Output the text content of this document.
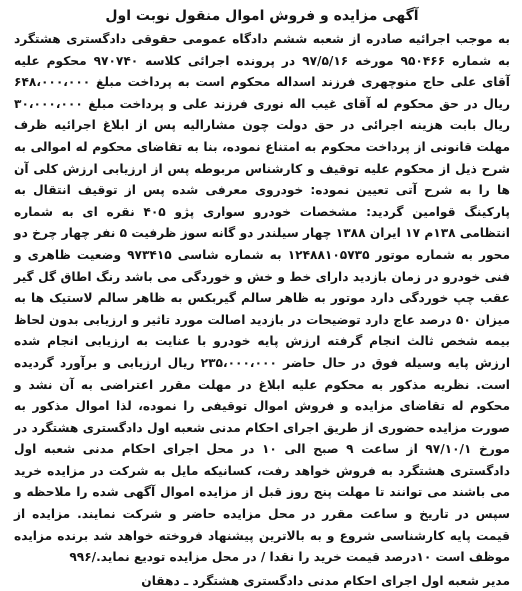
آگهی مزایده و فروش اموال منقول نوبت اول

به موجب اجرائیه صادره از شعبه ششم دادگاه عمومی حقوقی دادگستری هشتگرد به شماره ۹۵۰۴۶۶ مورخه ۹۷/۵/۱۶ در پرونده اجرائی کلاسه ۹۷۰۷۴۰ محکوم علیه آقای علی حاج منوچهری فرزند اسداله محکوم است به پرداخت مبلغ ۶۴۸،۰۰۰،۰۰۰ ریال در حق محکوم له آقای غیب اله نوری فرزند علی و پرداخت مبلغ ۳۰،۰۰۰،۰۰۰ ریال بابت هزینه اجرائی در حق دولت چون مشارالیه پس از ابلاغ اجرائیه ظرف مهلت قانونی از پرداخت محکوم به امتناع نموده، بنا به تقاضای محکوم له اموالی به شرح ذیل از محکوم علیه توقیف و کارشناس مربوطه پس از ارزیابی ارزش کلی آن ها را به شرح آتی تعیین نموده: خودروی معرفی شده پس از توقیف انتقال به پارکینگ قوامین گردید: مشخصات خودرو سواری پژو ۴۰۵ نقره ای به شماره انتظامی ۱۳۸م ۱۷ ایران ۱۳۸۸ چهار سیلندر دو گانه سوز ظرفیت ۵ نفر چهار چرخ دو محور به شماره موتور ۱۲۴۸۸۱۰۵۷۳۵ به شماره شاسی ۹۷۳۴۱۵ وضعیت ظاهری و فنی خودرو در زمان بازدید دارای خط و خش و خوردگی می باشد رنگ اطاق گل گیر عقب چپ خوردگی دارد موتور به ظاهر سالم گیربکس به ظاهر سالم لاستیک ها به میزان ۵۰ درصد عاج دارد توضیحات در بازدید اصالت مورد تاثیر و ارزیابی بدون لحاظ بیمه شخص ثالث انجام گرفته ارزش پایه خودرو با عنایت به ارزیابی انجام شده ارزش پایه وسیله فوق در حال حاضر ۲۳۵،۰۰۰،۰۰۰ ریال ارزیابی و برآورد گردیده است. نظریه مذکور به محکوم علیه ابلاغ در مهلت مقرر اعتراضی به آن نشد و محکوم له تقاضای مزایده و فروش اموال توقیفی را نموده، لذا اموال مذکور به صورت مزایده حضوری از طریق اجرای احکام مدنی شعبه اول دادگستری هشتگرد در مورخ ۹۷/۱۰/۱ از ساعت ۹ صبح الی ۱۰ در محل اجرای احکام مدنی شعبه اول دادگستری هشتگرد به فروش خواهد رفت، کسانیکه مایل به شرکت در مزایده خرید می باشند می توانند تا مهلت پنج روز قبل از مزایده اموال آگهی شده را ملاحظه و سپس در تاریخ و ساعت مقرر در محل مزایده حاضر و شرکت نمایند. مزایده از قیمت پایه کارشناسی شروع و به بالاترین پیشنهاد فروخته خواهد شد برنده مزایده موظف است ۱۰درصد قیمت خرید را نقدا / در محل مزایده تودیع نماید./۹۹۶

مدیر شعبه اول اجرای احکام مدنی دادگستری هشتگرد ـ دهقان
